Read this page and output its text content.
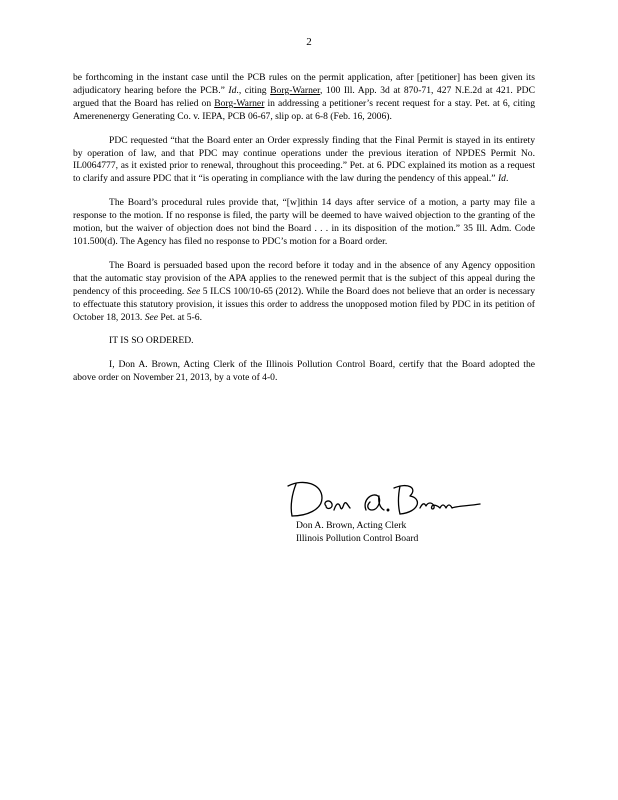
2

be forthcoming in the instant case until the PCB rules on the permit application, after [petitioner] has been given its adjudicatory hearing before the PCB.” Id., citing Borg-Warner, 100 Ill. App. 3d at 870-71, 427 N.E.2d at 421. PDC argued that the Board has relied on Borg-Warner in addressing a petitioner’s recent request for a stay. Pet. at 6, citing Amerenenergy Generating Co. v. IEPA, PCB 06-67, slip op. at 6-8 (Feb. 16, 2006).

PDC requested “that the Board enter an Order expressly finding that the Final Permit is stayed in its entirety by operation of law, and that PDC may continue operations under the previous iteration of NPDES Permit No. IL0064777, as it existed prior to renewal, throughout this proceeding.” Pet. at 6. PDC explained its motion as a request to clarify and assure PDC that it “is operating in compliance with the law during the pendency of this appeal.” Id.

The Board’s procedural rules provide that, “[w]ithin 14 days after service of a motion, a party may file a response to the motion. If no response is filed, the party will be deemed to have waived objection to the granting of the motion, but the waiver of objection does not bind the Board . . . in its disposition of the motion.” 35 Ill. Adm. Code 101.500(d). The Agency has filed no response to PDC’s motion for a Board order.

The Board is persuaded based upon the record before it today and in the absence of any Agency opposition that the automatic stay provision of the APA applies to the renewed permit that is the subject of this appeal during the pendency of this proceeding. See 5 ILCS 100/10-65 (2012). While the Board does not believe that an order is necessary to effectuate this statutory provision, it issues this order to address the unopposed motion filed by PDC in its petition of October 18, 2013. See Pet. at 5-6.

IT IS SO ORDERED.

I, Don A. Brown, Acting Clerk of the Illinois Pollution Control Board, certify that the Board adopted the above order on November 21, 2013, by a vote of 4-0.

Don A. Brown, Acting Clerk
Illinois Pollution Control Board
